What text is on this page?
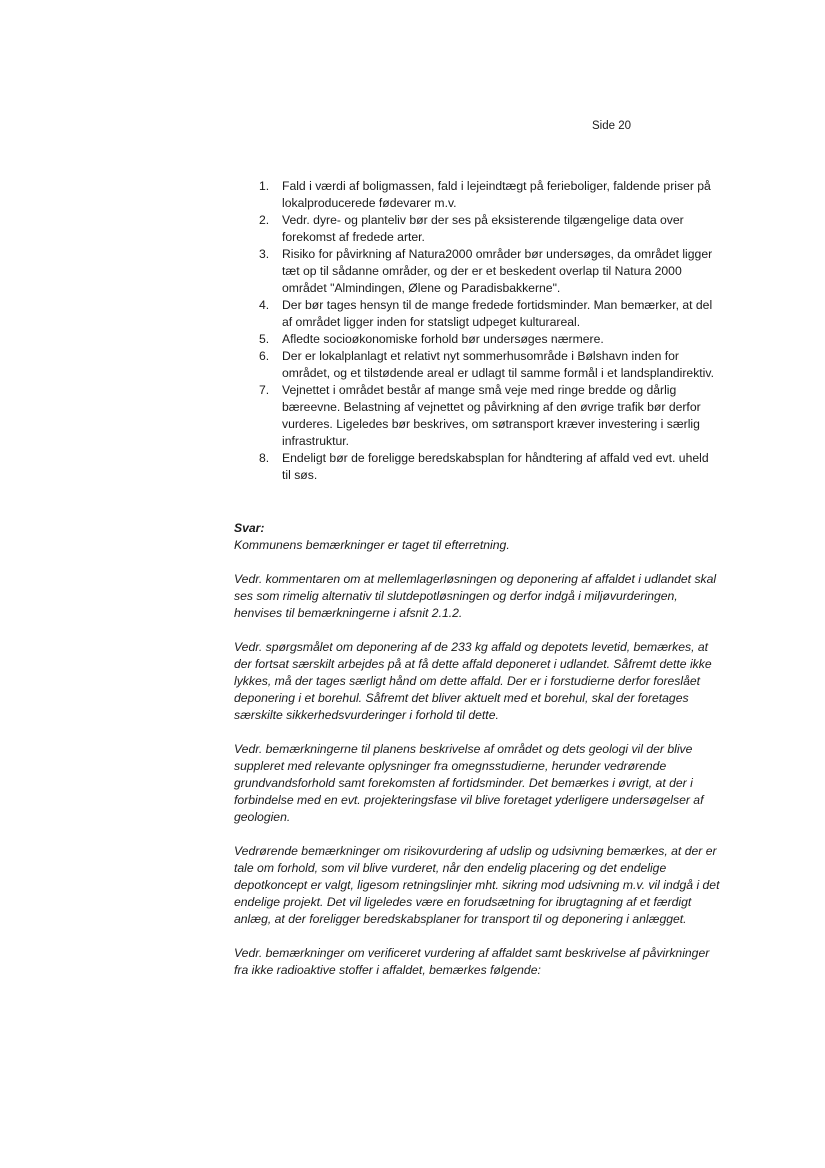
Side 20
1.	Fald i værdi af boligmassen, fald i lejeindtægt på ferieboliger, faldende priser på lokalproducerede fødevarer m.v.
2.	Vedr. dyre- og planteliv bør der ses på eksisterende tilgængelige data over forekomst af fredede arter.
3.	Risiko for påvirkning af Natura2000 områder bør undersøges, da området ligger tæt op til sådanne områder, og der er et beskedent overlap til Natura 2000 området "Almindingen, Ølene og Paradisbakkerne".
4.	Der bør tages hensyn til de mange fredede fortidsminder. Man bemærker, at del af området ligger inden for statsligt udpeget kulturareal.
5.	Afledte socioøkonomiske forhold bør undersøges nærmere.
6.	Der er lokalplanlagt et relativt nyt sommerhusområde i Bølshavn inden for området, og et tilstødende areal er udlagt til samme formål i et landsplandirektiv.
7.	Vejnettet i området består af mange små veje med ringe bredde og dårlig bæreevne. Belastning af vejnettet og påvirkning af den øvrige trafik bør derfor vurderes. Ligeledes bør beskrives, om søtransport kræver investering i særlig infrastruktur.
8.	Endeligt bør de foreligge beredskabsplan for håndtering af affald ved evt. uheld til søs.
Svar:

Kommunens bemærkninger er taget til efterretning.

Vedr. kommentaren om at mellemlagerløsningen og deponering af affaldet i udlandet skal ses som rimelig alternativ til slutdepotløsningen og derfor indgå i miljøvurderingen, henvises til bemærkningerne i afsnit 2.1.2.

Vedr. spørgsmålet om deponering af de 233 kg affald og depotets levetid, bemærkes, at der fortsat særskilt arbejdes på at få dette affald deponeret i udlandet. Såfremt dette ikke lykkes, må der tages særligt hånd om dette affald. Der er i forstudierne derfor foreslået deponering i et borehul. Såfremt det bliver aktuelt med et borehul, skal der foretages særskilte sikkerhedsvurderinger i forhold til dette.

Vedr. bemærkningerne til planens beskrivelse af området og dets geologi vil der blive suppleret med relevante oplysninger fra omegnsstudierne, herunder vedrørende grundvandsforhold samt forekomsten af fortidsminder. Det bemærkes i øvrigt, at der i forbindelse med en evt. projekteringsfase vil blive foretaget yderligere undersøgelser af geologien.

Vedrørende bemærkninger om risikovurdering af udslip og udsivning bemærkes, at der er tale om forhold, som vil blive vurderet, når den endelig placering og det endelige depotkoncept er valgt, ligesom retningslinjer mht. sikring mod udsivning m.v. vil indgå i det endelige projekt. Det vil ligeledes være en forudsætning for ibrugtagning af et færdigt anlæg, at der foreligger beredskabsplaner for transport til og deponering i anlægget.

Vedr. bemærkninger om verificeret vurdering af affaldet samt beskrivelse af påvirkninger fra ikke radioaktive stoffer i affaldet, bemærkes følgende:
